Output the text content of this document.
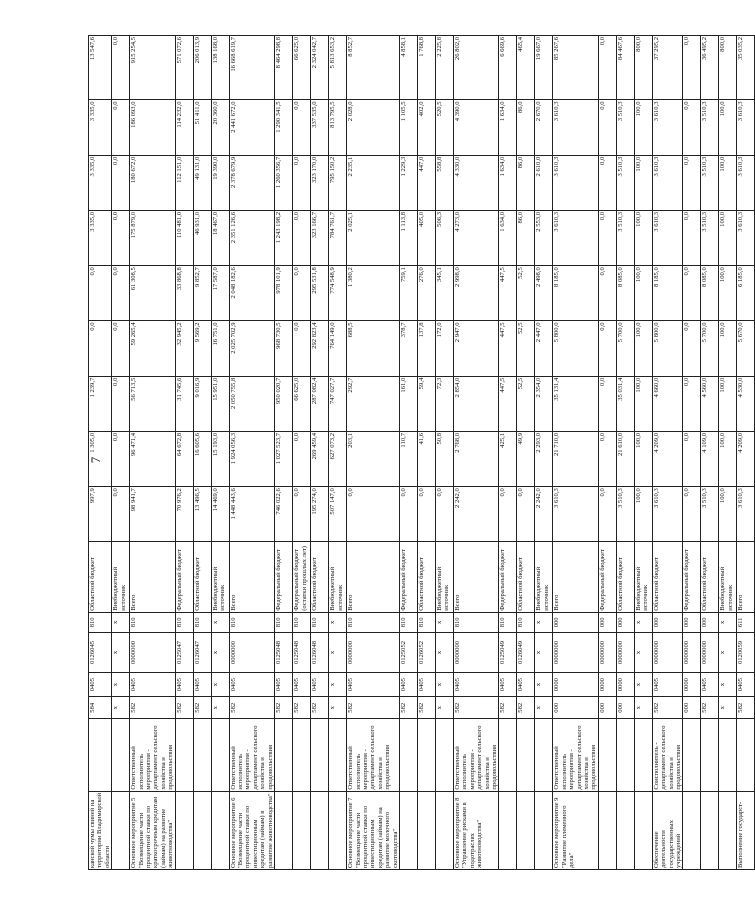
7
канской чумы свиней на территории Владимирской области		584	0405	0126045	810	Областной бюджет	997,9	1 305,0	1 239,7	0,0	0,0	3 335,0	3 335,0	3 335,0	13 547,6
		x	x	x	x	Внебюджетный источник	0,0	0,0	0,0	0,0	0,0	0,0	0,0	0,0	0,0
Основное мероприятие 5 "Возмещение части процентной ставки по краткосрочным кредитам (займам) на развитие животноводства"	Ответственный исполнитель мероприятия - департамент сельского хозяйства и продовольствия	582	0405	0000000	810	Всего	98 941,7	96 471,4	56 713,5	59 265,4	61 308,5	175 879,0	180 672,0	186 093,0	915 254,5
		582	0405	0125047	810	Федеральный бюджет	70 976,2	64 672,8	31 745,6	32 945,2	33 868,8	110 481,0	112 151,0	114 232,0	571 072,6
		582	0405	0126047	810	Областной бюджет	13 496,5	16 605,6	9 016,9	9 569,2	9 852,7	46 931,0	49 131,0	51 411,0	206 013,9
		x	x	x	x	Внебюджетный источник	14 469,0	15 193,0	15 951,0	16 751,0	17 587,0	18 467,0	19 390,0	20 360,0	138 168,0
Основное мероприятие 6 "Возмещение части процентной ставки по инвестиционным кредитам (займам) в развитие животноводства"	Ответственный исполнитель мероприятия - департамент сельского хозяйства и продовольствия	582	0405	0000000	810	Всего	1 448 443,6	1 924 056,3	2 050 755,8	2 025 702,9	2 048 182,6	2 351 126,6	2 378 679,9	2 441 672,0	16 668 619,7
		582	0405	0125048	810	Федеральный бюджет	746 022,6	1 027 523,7	950 020,7	968 730,5	978 101,9	1 243 198,2	1 260 356,7	1 290 341,5	8 464 298,8
		582	0405	0125048	810	Федеральный бюджет (остатки прошлых лет)	0,0	0,0	66 625,0	0,0	0,0	0,0	0,0	0,0	66 625,0
		582	0405	0126048	810	Областной бюджет	195 274,0	269 459,4	287 082,4	292 823,4	295 531,8	323 166,7	323 170,0	337 535,0	2 324 042,7
		x	x	x	x	Внебюджетный источник	507 147,0	627 073,2	747 027,7	764 149,0	774 548,9	784 761,7	795 150,2	813 795,5	5 813 653,2
Основное мероприятие 7 "Возмещение части процентной ставки по инвестиционным кредитам (займам) на развитие молочного скотоводства"	Ответственный исполнитель мероприятия - департамент сельского хозяйства и продовольствия	582	0405	0000000	810	Всего	0,0	203,1	292,7	688,5	1 380,2	2 025,1	2 235,1	2 028,0	8 852,7
		582	0405	0125052	810	Федеральный бюджет	0,0	110,7	161,0	378,7	759,1	1 113,8	1 229,3	1 105,5	4 858,1
		582	0405	0126052	810	Областной бюджет	0,0	41,6	59,4	137,8	276,0	405,0	447,0	402,0	1 768,8
		x	x	x	x	Внебюджетный источник	0,0	50,8	72,3	172,0	345,1	506,3	558,8	520,5	2 225,8
Основное мероприятие 8 "Управление рисками в подотраслях животноводства"	Ответственный исполнитель мероприятия - департамент сельского хозяйства и продовольствия	582	0405	0000000	810	Всего	2 242,0	2 768,0	2 854,0	2 947,0	2 998,0	4 273,0	4 330,0	4 390,0	26 802,0
		582	0405	0125049	810	Федеральный бюджет	0,0	425,1	447,5	447,5	447,5	1 634,0	1 634,0	1 634,0	6 669,6
		582	0405	0126049	810	Областной бюджет	0,0	49,9	52,5	52,5	52,5	86,0	86,0	86,0	465,4
		x	x	x	x	Внебюджетный источник	2 242,0	2 293,0	2 354,0	2 447,0	2 498,0	2 553,0	2 610,0	2 670,0	19 667,0
Основное мероприятие 9 "Развитие племенного дела"	Ответственный исполнитель мероприятия - департамент сельского хозяйства и продовольствия	000	0000	0000000	000	Всего	3 610,3	21 710,0	35 131,4	5 800,0	8 185,0	3 610,3	3 610,3	3 610,3	85 267,6
		000	0000	0000000	000	Федеральный бюджет	0,0	0,0	0,0	0,0	0,0	0,0	0,0	0,0	0,0
		000	0000	0000000	000	Областной бюджет	3 510,3	21 610,0	35 031,4	5 700,0	8 085,0	3 510,3	3 510,3	3 510,3	84 467,6
		x	x	x	x	Внебюджетный источник	100,0	100,0	100,0	100,0	100,0	100,0	100,0	100,0	800,0
Обеспечение деятельности государственных учреждений	Соисполнитель - департамент сельского хозяйства и продовольствия	582	0405	0000000	000	Областной бюджет	3 610,3	4 209,0	4 660,0	5 800,0	8 185,0	3 610,3	3 610,3	3 610,3	37 295,2
		000	0000	0000000	000	Федеральный бюджет	0,0	0,0	0,0	0,0	0,0	0,0	0,0	0,0	0,0
		582	0405	0000000	000	Областной бюджет	3 510,3	4 109,0	4 560,0	5 700,0	8 085,0	3 510,3	3 510,3	3 510,3	36 495,2
		x	x	x	x	Внебюджетный источник	100,0	100,0	100,0	100,0	100,0	100,0	100,0	100,0	800,0
Выполнение государст-		582	0405	0120059	611	Всего	3 610,3	4 209,0	4 530,0	5 670,0	6 185,0	3 610,3	3 610,3	3 610,3	35 035,2
